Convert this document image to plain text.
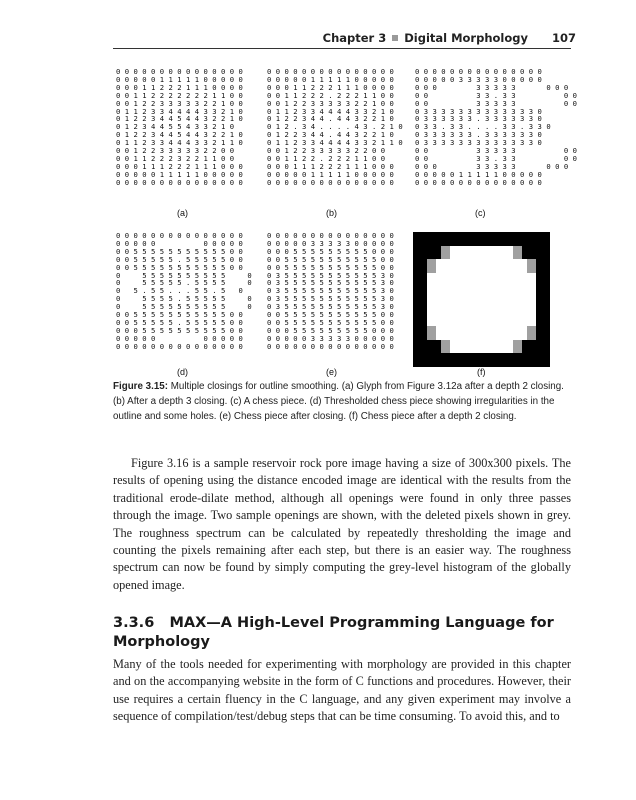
Chapter 3 Digital Morphology 107
0 0 0 0 0 0 0 0 0 0 0 0 0 0 0
0 0 0 0 0 1 1 1 1 1 0 0 0 0 0
0 0 0 1 1 2 2 2 1 1 1 0 0 0 0
0 0 1 1 2 2 2 2 2 2 2 1 1 0 0
0 0 1 2 2 3 3 3 3 3 2 2 1 0 0
0 1 1 2 3 3 4 4 4 4 3 3 2 1 0
0 1 2 2 3 4 4 5 4 4 3 2 2 1 0
0 1 2 3 4 4 5 5 4 3 3 2 1 0
0 1 2 2 3 4 4 5 4 4 3 2 2 1 0
0 1 1 2 3 3 4 4 4 3 3 2 1 1 0
0 0 1 2 2 3 3 3 3 3 2 2 0 0
0 0 1 1 2 2 2 3 2 2 1 1 0 0
0 0 0 1 1 1 2 2 2 1 1 1 0 0 0
0 0 0 0 0 1 1 1 1 1 0 0 0 0 0
0 0 0 0 0 0 0 0 0 0 0 0 0 0 0
(a)
0 0 0 0 0 0 0 0 0 0 0 0 0 0 0
0 0 0 0 0 1 1 1 1 1 0 0 0 0 0
0 0 0 1 1 2 2 2 1 1 1 0 0 0 0
0 0 1 1 2 2 2 . 2 2 2 1 1 0 0
0 0 1 2 2 3 3 3 3 3 2 2 1 0 0
0 1 1 2 3 3 4 4 4 4 3 3 2 1 0
0 1 2 2 3 4 4 . 4 4 3 2 2 1 0
0 1 2 . 3 4 . . . . 4 3 . 2 1 0
0 1 2 2 3 4 4 . 4 4 3 2 2 1 0
0 1 1 2 3 3 4 4 4 4 3 3 2 1 1 0
0 0 1 2 2 3 3 3 3 3 2 2 0 0
0 0 1 1 2 2 . 2 2 2 1 1 0 0
0 0 0 1 1 1 2 2 2 1 1 1 0 0 0
0 0 0 0 0 1 1 1 1 1 0 0 0 0 0
0 0 0 0 0 0 0 0 0 0 0 0 0 0 0
(b)
0 0 0 0 0 0 0 0 0 0 0 0 0 0 0
0 0 0 0 0 3 3 3 3 3 0 0 0 0 0
0 0 0         3 3 3 3 3       0 0 0
0 0           3 3 . 3 3           0 0
0 0           3 3 3 3 3           0 0
0 3 3 3 3 3 3 3 3 3 3 3 3 3 0
0 3 3 3 3 3 3 . 3 3 3 3 3 3 0
0 3 3 . 3 3 . . . . 3 3 . 3 3 0
0 3 3 3 3 3 3 . 3 3 3 3 3 3 0
0 3 3 3 3 3 3 3 3 3 3 3 3 3 0
0 0           3 3 3 3 3           0 0
0 0           3 3 . 3 3           0 0
0 0 0         3 3 3 3 3       0 0 0
0 0 0 0 0 1 1 1 1 1 0 0 0 0 0
0 0 0 0 0 0 0 0 0 0 0 0 0 0 0
(c)
0 0 0 0 0 0 0 0 0 0 0 0 0 0 0
0 0 0 0 0           0 0 0 0 0
0 0 5 5 5 5 5 5 5 5 5 5 5 0 0
0 0 5 5 5 5 5 . 5 5 5 5 5 0 0
0 0 5 5 5 5 5 5 5 5 5 5 5 0 0
0     5 5 5 5 5 5 5 5 5 5     0
0     5 5 5 5 5 . 5 5 5 5     0
0   5 . 5 5 . . . 5 5 . 5   0
0     5 5 5 5 . 5 5 5 5 5     0
0     5 5 5 5 5 5 5 5 5 5     0
0 0 5 5 5 5 5 5 5 5 5 5 5 0 0
0 0 5 5 5 5 5 . 5 5 5 5 5 0 0
0 0 0 5 5 5 5 5 5 5 5 5 5 0 0
0 0 0 0 0           0 0 0 0 0
0 0 0 0 0 0 0 0 0 0 0 0 0 0 0
(d)
0 0 0 0 0 0 0 0 0 0 0 0 0 0 0
0 0 0 0 0 3 3 3 3 3 0 0 0 0 0
0 0 0 5 5 5 5 5 5 5 5 5 0 0 0
0 0 5 5 5 5 5 5 5 5 5 5 5 0 0
0 0 5 5 5 5 5 5 5 5 5 5 5 0 0
0 3 5 5 5 5 5 5 5 5 5 5 5 3 0
0 3 5 5 5 5 5 5 5 5 5 5 5 3 0
0 3 5 5 5 5 5 5 5 5 5 5 5 3 0
0 3 5 5 5 5 5 5 5 5 5 5 5 3 0
0 3 5 5 5 5 5 5 5 5 5 5 5 3 0
0 0 5 5 5 5 5 5 5 5 5 5 5 0 0
0 0 5 5 5 5 5 5 5 5 5 5 5 0 0
0 0 0 5 5 5 5 5 5 5 5 5 0 0 0
0 0 0 0 0 3 3 3 3 3 0 0 0 0 0
0 0 0 0 0 0 0 0 0 0 0 0 0 0 0
(e)	(f)
Figure 3.15: Multiple closings for outline smoothing. (a) Glyph from Figure 3.12a after a depth 2 closing. (b) After a depth 3 closing. (c) A chess piece. (d) Thresholded chess piece showing irregularities in the outline and some holes. (e) Chess piece after closing. (f) Chess piece after a depth 2 closing.

Figure 3.16 is a sample reservoir rock pore image having a size of 300x300 pixels. The results of opening using the distance encoded image are identical with the results from the traditional erode-dilate method, although all openings were found in only three passes through the image. Two sample openings are shown, with the deleted pixels shown in grey. The roughness spectrum can be calculated by repeatedly thresholding the image and counting the pixels remaining after each step, but there is an easier way. The roughness spectrum can now be found by simply computing the grey-level histogram of the globally opened image.

3.3.6 MAX—A High-Level Programming Language for Morphology

Many of the tools needed for experimenting with morphology are provided in this chapter and on the accompanying website in the form of C functions and procedures. However, their use requires a certain fluency in the C language, and any given experiment may involve a sequence of compilation/test/debug steps that can be time consuming. To avoid this, and to
